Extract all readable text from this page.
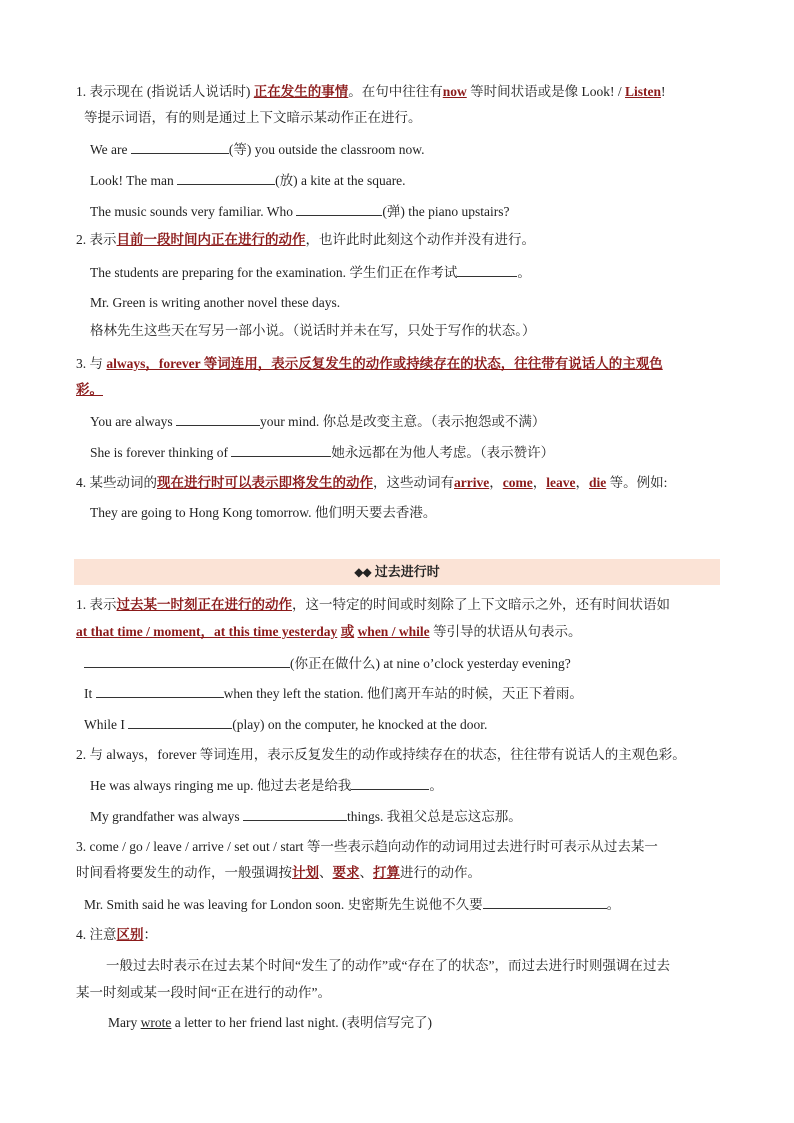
1. 表示现在 (指说话人说话时) 正在发生的事情。在句中往往有now 等时间状语或是像 Look! / Listen!
等提示词语，有的则是通过上下文暗示某动作正在进行。
We are	(等) you outside the classroom now.
Look! The man	(放) a kite at the square.
The music sounds very familiar. Who	(弹) the piano upstairs?
2. 表示目前一段时间内正在进行的动作，也许此时此刻这个动作并没有进行。
The students are preparing for the examination. 学生们正在作考试	。
Mr. Green is writing another novel these days.
格林先生这些天在写另一部小说。（说话时并未在写，只处于写作的状态。）
3. 与 always，forever 等词连用，表示反复发生的动作或持续存在的状态，往往带有说话人的主观色
彩。
You are always	your mind. 你总是改变主意。（表示抱怨或不满）
She is forever thinking of	她永远都在为他人考虑。（表示赞许）
4. 某些动词的现在进行时可以表示即将发生的动作，这些动词有arrive，come，leave，die 等。例如:
They are going to Hong Kong tomorrow. 他们明天要去香港。
◆◆ 过去进行时
1. 表示过去某一时刻正在进行的动作，这一特定的时间或时刻除了上下文暗示之外，还有时间状语如
at that time / moment，at this time yesterday 或 when / while 等引导的状语从句表示。
(你正在做什么) at nine o’clock yesterday evening?
It	when they left the station. 他们离开车站的时候，天正下着雨。
While I	(play) on the computer, he knocked at the door.
2. 与 always，forever 等词连用，表示反复发生的动作或持续存在的状态，往往带有说话人的主观色彩。
He was always ringing me up. 他过去老是给我	。
My grandfather was always	things. 我祖父总是忘这忘那。
3. come / go / leave / arrive / set out / start 等一些表示趋向动作的动词用过去进行时可表示从过去某一
时间看将要发生的动作，一般强调按计划、要求、打算进行的动作。
Mr. Smith said he was leaving for London soon. 史密斯先生说他不久要	。
4. 注意区别：
一般过去时表示在过去某个时间“发生了的动作”或“存在了的状态”，而过去进行时则强调在过去
某一时刻或某一段时间“正在进行的动作”。
Mary wrote a letter to her friend last night. (表明信写完了)
